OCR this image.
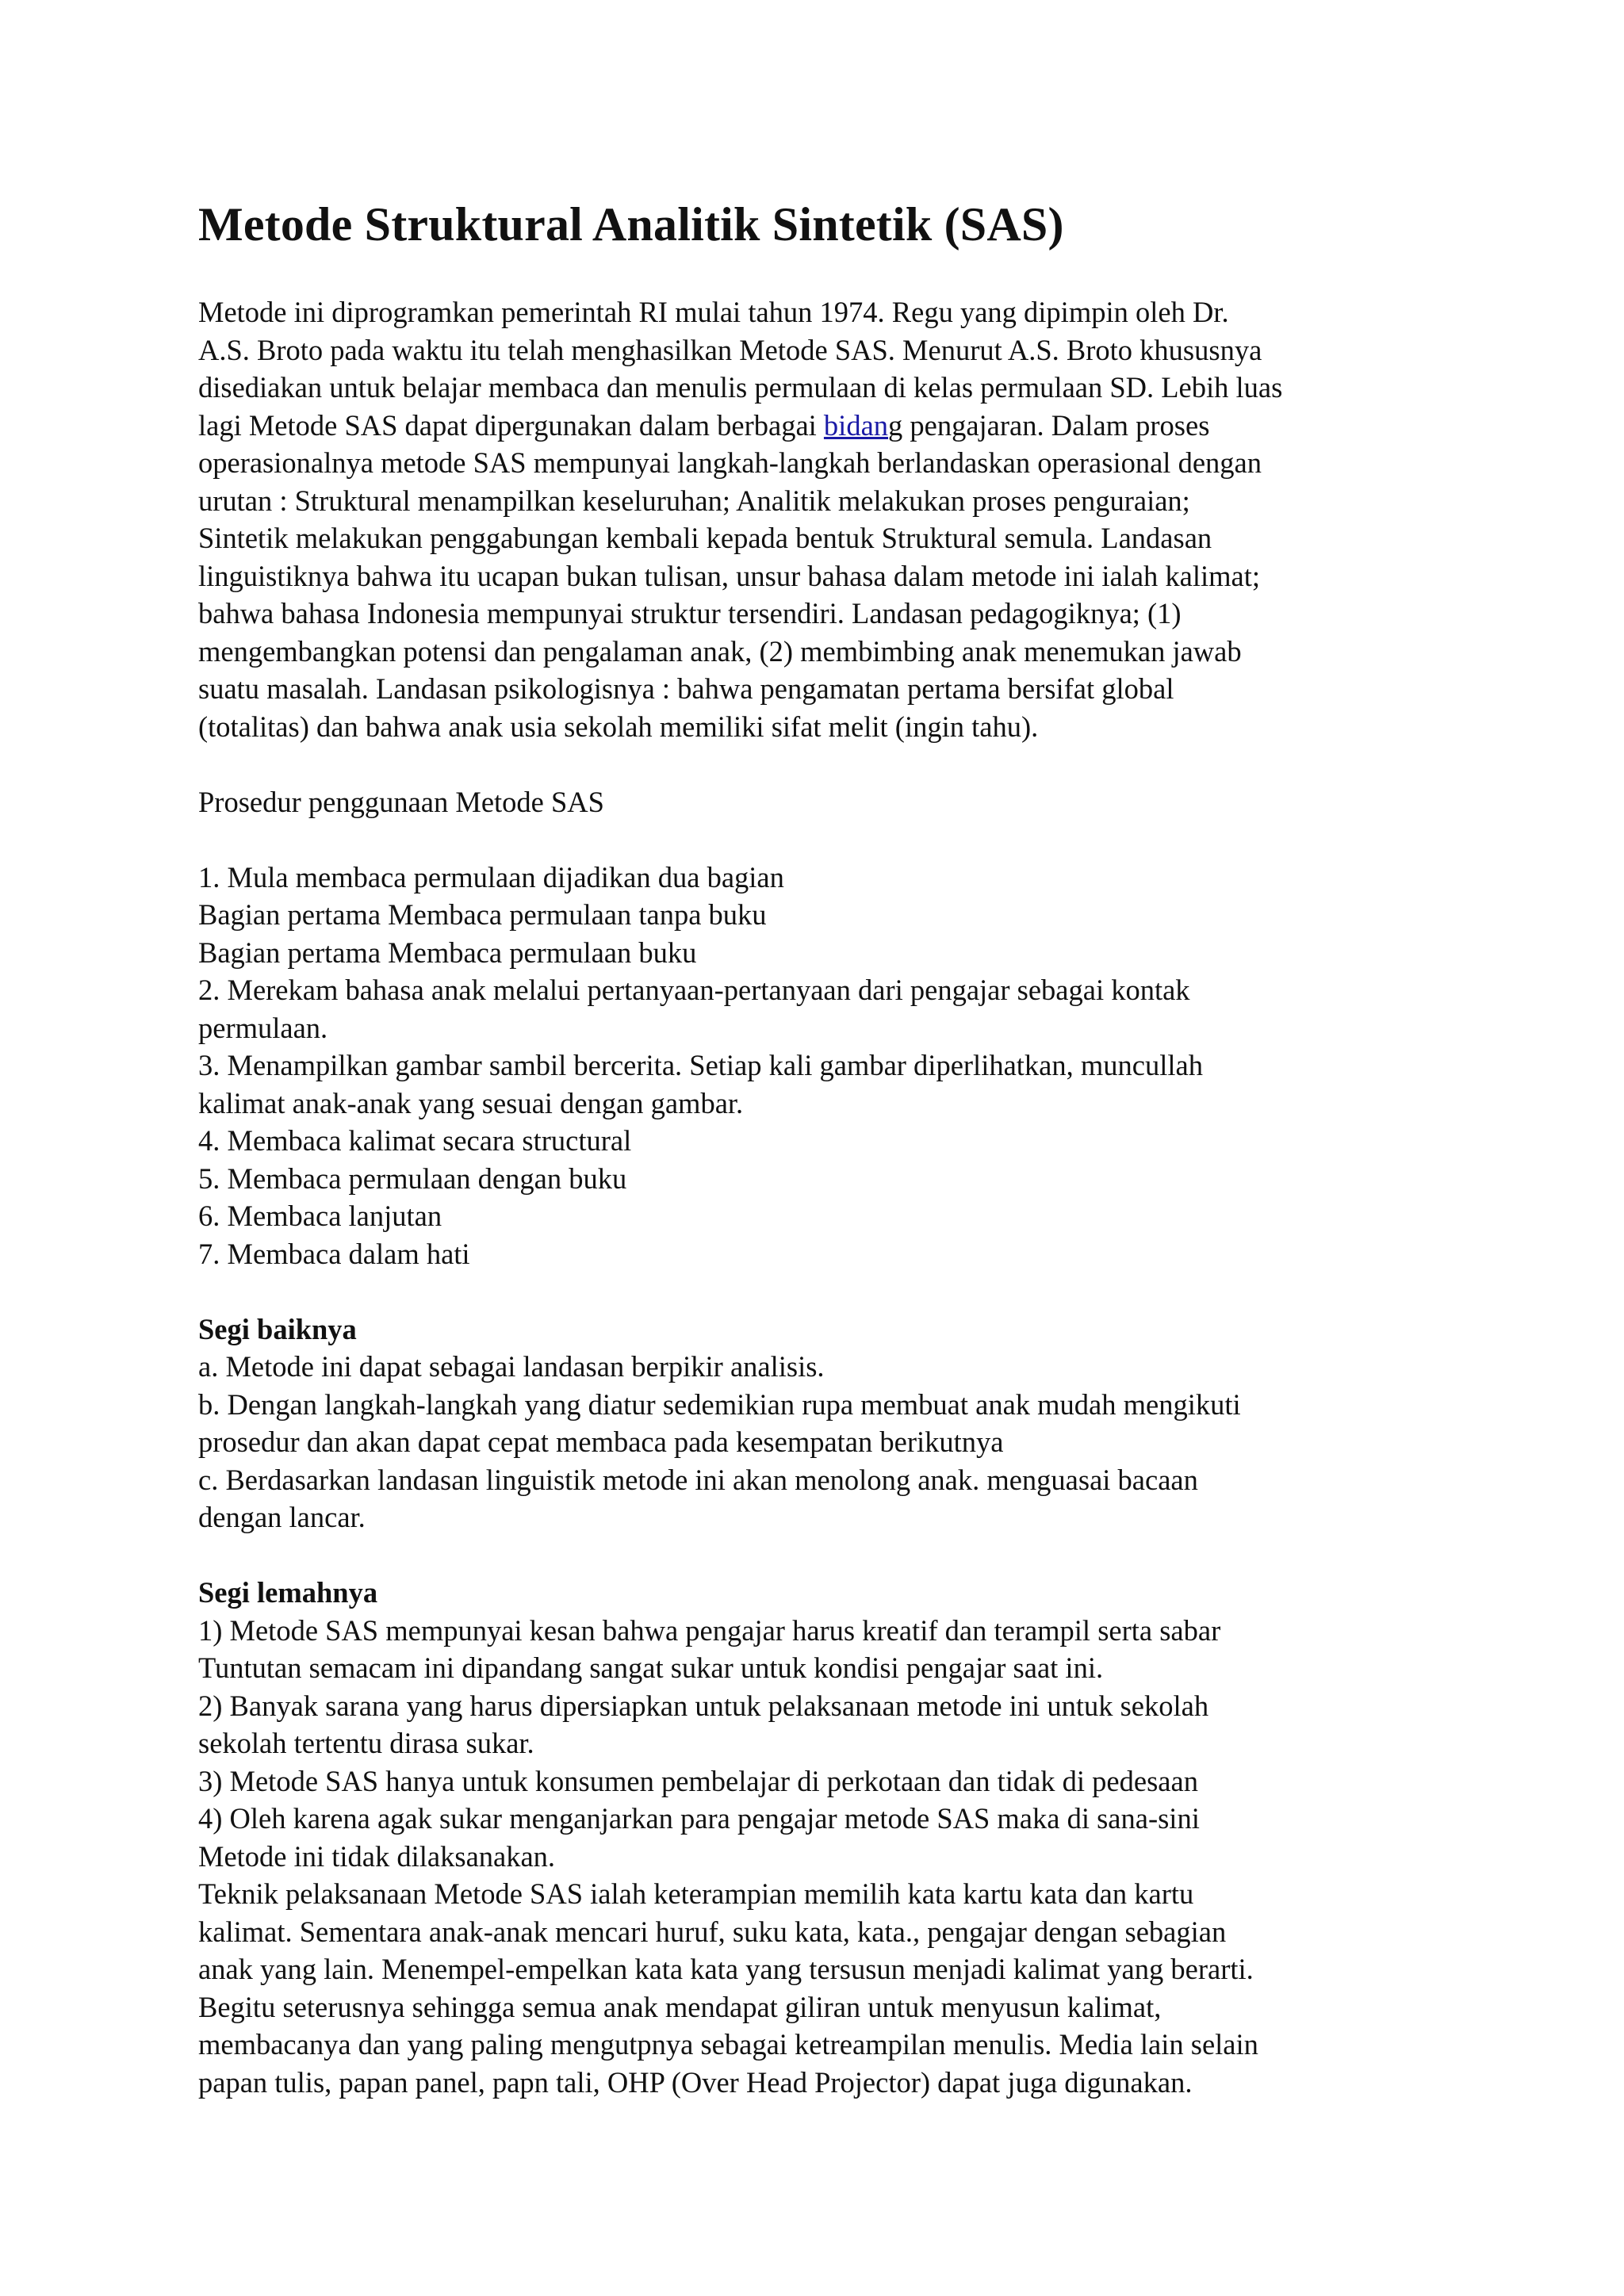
Metode Struktural Analitik Sintetik (SAS)

Metode ini diprogramkan pemerintah RI mulai tahun 1974. Regu yang dipimpin oleh Dr.
A.S. Broto pada waktu itu telah menghasilkan Metode SAS. Menurut A.S. Broto khususnya
disediakan untuk belajar membaca dan menulis permulaan di kelas permulaan SD. Lebih luas
lagi Metode SAS dapat dipergunakan dalam berbagai bidang pengajaran. Dalam proses
operasionalnya metode SAS mempunyai langkah-langkah berlandaskan operasional dengan
urutan : Struktural menampilkan keseluruhan; Analitik melakukan proses penguraian;
Sintetik melakukan penggabungan kembali kepada bentuk Struktural semula. Landasan
linguistiknya bahwa itu ucapan bukan tulisan, unsur bahasa dalam metode ini ialah kalimat;
bahwa bahasa Indonesia mempunyai struktur tersendiri. Landasan pedagogiknya; (1)
mengembangkan potensi dan pengalaman anak, (2) membimbing anak menemukan jawab
suatu masalah. Landasan psikologisnya : bahwa pengamatan pertama bersifat global
(totalitas) dan bahwa anak usia sekolah memiliki sifat melit (ingin tahu).

Prosedur penggunaan Metode SAS

1. Mula membaca permulaan dijadikan dua bagian
Bagian pertama Membaca permulaan tanpa buku
Bagian pertama Membaca permulaan buku
2. Merekam bahasa anak melalui pertanyaan-pertanyaan dari pengajar sebagai kontak
permulaan.
3. Menampilkan gambar sambil bercerita. Setiap kali gambar diperlihatkan, muncullah
kalimat anak-anak yang sesuai dengan gambar.
4. Membaca kalimat secara structural
5. Membaca permulaan dengan buku
6. Membaca lanjutan
7. Membaca dalam hati

Segi baiknya
a. Metode ini dapat sebagai landasan berpikir analisis.
b. Dengan langkah-langkah yang diatur sedemikian rupa membuat anak mudah mengikuti
prosedur dan akan dapat cepat membaca pada kesempatan berikutnya
c. Berdasarkan landasan linguistik metode ini akan menolong anak. menguasai bacaan
dengan lancar.

Segi lemahnya
1) Metode SAS mempunyai kesan bahwa pengajar harus kreatif dan terampil serta sabar
Tuntutan semacam ini dipandang sangat sukar untuk kondisi pengajar saat ini.
2) Banyak sarana yang harus dipersiapkan untuk pelaksanaan metode ini untuk sekolah
sekolah tertentu dirasa sukar.
3) Metode SAS hanya untuk konsumen pembelajar di perkotaan dan tidak di pedesaan
4) Oleh karena agak sukar menganjarkan para pengajar metode SAS maka di sana-sini
Metode ini tidak dilaksanakan.
Teknik pelaksanaan Metode SAS ialah keterampian memilih kata kartu kata dan kartu
kalimat. Sementara anak-anak mencari huruf, suku kata, kata., pengajar dengan sebagian
anak yang lain. Menempel-empelkan kata kata yang tersusun menjadi kalimat yang berarti.
Begitu seterusnya sehingga semua anak mendapat giliran untuk menyusun kalimat,
membacanya dan yang paling mengutpnya sebagai ketreampilan menulis. Media lain selain
papan tulis, papan panel, papn tali, OHP (Over Head Projector) dapat juga digunakan.
